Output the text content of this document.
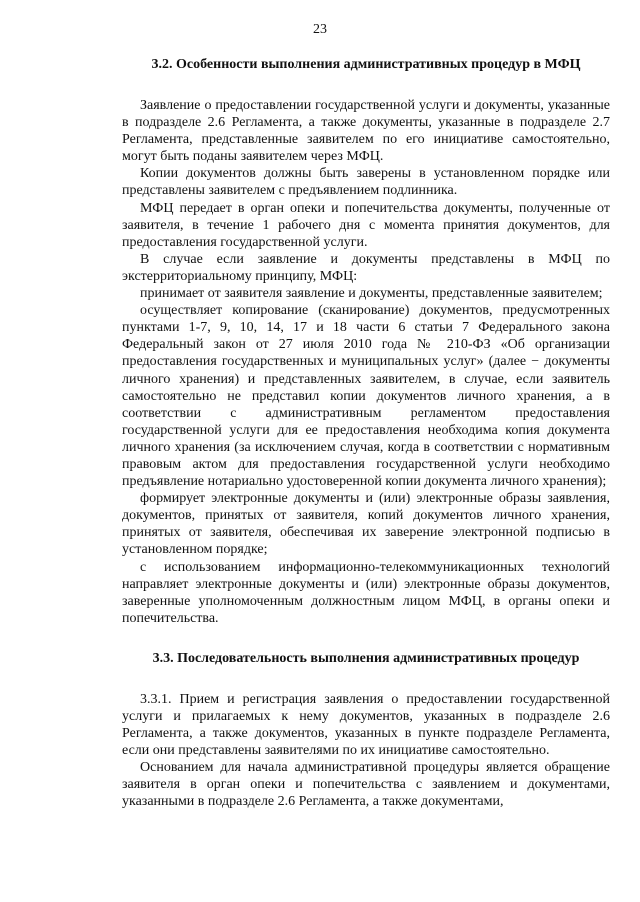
23
3.2. Особенности выполнения административных процедур в МФЦ

Заявление о предоставлении государственной услуги и документы, указанные в подразделе 2.6 Регламента, а также документы, указанные в подразделе 2.7 Регламента, представленные заявителем по его инициативе самостоятельно, могут быть поданы заявителем через МФЦ.

Копии документов должны быть заверены в установленном порядке или представлены заявителем с предъявлением подлинника.

МФЦ передает в орган опеки и попечительства документы, полученные от заявителя, в течение 1 рабочего дня с момента принятия документов, для предоставления государственной услуги.

В случае если заявление и документы представлены в МФЦ по экстерриториальному принципу, МФЦ:

принимает от заявителя заявление и документы, представленные заявителем;

осуществляет копирование (сканирование) документов, предусмотренных пунктами 1-7, 9, 10, 14, 17 и 18 части 6 статьи 7 Федерального закона Федеральный закон от 27 июля 2010 года № 210-ФЗ «Об организации предоставления государственных и муниципальных услуг» (далее − документы личного хранения) и представленных заявителем, в случае, если заявитель самостоятельно не представил копии документов личного хранения, а в соответствии с административным регламентом предоставления государственной услуги для ее предоставления необходима копия документа личного хранения (за исключением случая, когда в соответствии с нормативным правовым актом для предоставления государственной услуги необходимо предъявление нотариально удостоверенной копии документа личного хранения);

формирует электронные документы и (или) электронные образы заявления, документов, принятых от заявителя, копий документов личного хранения, принятых от заявителя, обеспечивая их заверение электронной подписью в установленном порядке;

с использованием информационно-телекоммуникационных технологий направляет электронные документы и (или) электронные образы документов, заверенные уполномоченным должностным лицом МФЦ, в органы опеки и попечительства.

3.3. Последовательность выполнения административных процедур

3.3.1. Прием и регистрация заявления о предоставлении государственной услуги и прилагаемых к нему документов, указанных в подразделе 2.6 Регламента, а также документов, указанных в пункте подразделе Регламента, если они представлены заявителями по их инициативе самостоятельно.

Основанием для начала административной процедуры является обращение заявителя в орган опеки и попечительства с заявлением и документами, указанными в подразделе 2.6 Регламента, а также документами,
